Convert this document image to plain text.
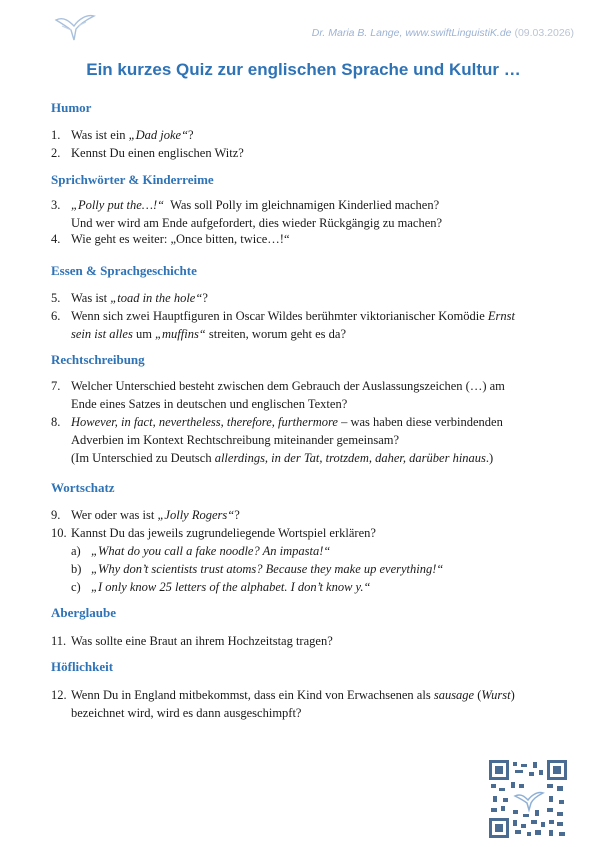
Dr. Maria B. Lange, www.swiftLinguistiK.de (09.03.2026)
Ein kurzes Quiz zur englischen Sprache und Kultur …
Humor
1. Was ist ein „Dad joke“?
2. Kennst Du einen englischen Witz?
Sprichwörter & Kinderreime
3. „Polly put the…!“  Was soll Polly im gleichnamigen Kinderlied machen?
Und wer wird am Ende aufgefordert, dies wieder Rückgängig zu machen?
4. Wie geht es weiter: „Once bitten, twice…!“
Essen & Sprachgeschichte
5. Was ist „toad in the hole“?
6. Wenn sich zwei Hauptfiguren in Oscar Wildes berühmter viktorianischer Komödie Ernst
sein ist alles um „muffins“ streiten, worum geht es da?
Rechtschreibung
7. Welcher Unterschied besteht zwischen dem Gebrauch der Auslassungszeichen (…) am
Ende eines Satzes in deutschen und englischen Texten?
8. However, in fact, nevertheless, therefore, furthermore – was haben diese verbindenden
Adverbien im Kontext Rechtschreibung miteinander gemeinsam?
(Im Unterschied zu Deutsch allerdings, in der Tat, trotzdem, daher, darüber hinaus.)
Wortschatz
9. Wer oder was ist „Jolly Rogers“?
10. Kannst Du das jeweils zugrundeliegende Wortspiel erklären?
a) „What do you call a fake noodle? An impasta!“
b) „Why don’t scientists trust atoms? Because they make up everything!“
c) „I only know 25 letters of the alphabet. I don’t know y.“
Aberglaube
11. Was sollte eine Braut an ihrem Hochzeitstag tragen?
Höflichkeit
12. Wenn Du in England mitbekommst, dass ein Kind von Erwachsenen als sausage (Wurst)
bezeichnet wird, wird es dann ausgeschimpft?
